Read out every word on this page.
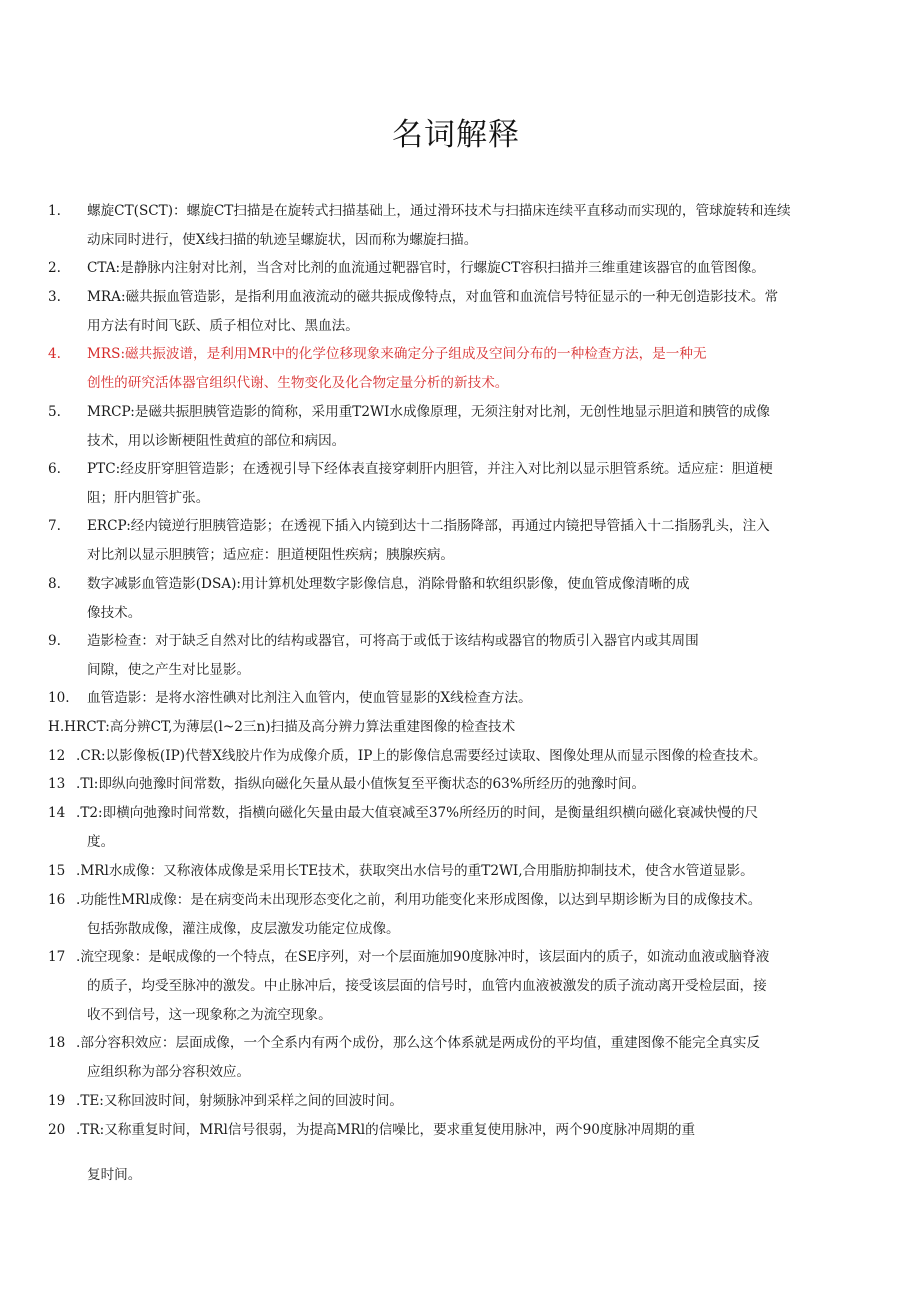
名词解释
1. 螺旋CT(SCT)：螺旋CT扫描是在旋转式扫描基础上，通过滑环技术与扫描床连续平直移动而实现的，管球旋转和连续
动床同时进行，使X线扫描的轨迹呈螺旋状，因而称为螺旋扫描。
2. CTA:是静脉内注射对比剂，当含对比剂的血流通过靶器官时，行螺旋CT容积扫描并三维重建该器官的血管图像。
3. MRA:磁共振血管造影，是指利用血液流动的磁共振成像特点，对血管和血流信号特征显示的一种无创造影技术。常
用方法有时间飞跃、质子相位对比、黑血法。
4. MRS:磁共振波谱，是利用MR中的化学位移现象来确定分子组成及空间分布的一种检查方法，是一种无
创性的研究活体器官组织代谢、生物变化及化合物定量分析的新技术。
5. MRCP:是磁共振胆胰管造影的简称，采用重T2WI水成像原理，无须注射对比剂，无创性地显示胆道和胰管的成像
技术，用以诊断梗阻性黄疸的部位和病因。
6. PTC:经皮肝穿胆管造影；在透视引导下经体表直接穿刺肝内胆管，并注入对比剂以显示胆管系统。适应症：胆道梗
阻；肝内胆管扩张。
7. ERCP:经内镜逆行胆胰管造影；在透视下插入内镜到达十二指肠降部，再通过内镜把导管插入十二指肠乳头，注入
对比剂以显示胆胰管；适应症：胆道梗阻性疾病；胰腺疾病。
8. 数字减影血管造影(DSA):用计算机处理数字影像信息，消除骨骼和软组织影像，使血管成像清晰的成
像技术。
9. 造影检查：对于缺乏自然对比的结构或器官，可将高于或低于该结构或器官的物质引入器官内或其周围
间隙，使之产生对比显影。
10. 血管造影：是将水溶性碘对比剂注入血管内，使血管显影的X线检查方法。
H.HRCT:高分辨CT,为薄层(l~2三n)扫描及高分辨力算法重建图像的检查技术
12 .CR:以影像板(IP)代替X线胶片作为成像介质，IP上的影像信息需要经过读取、图像处理从而显示图像的检查技术。
13 .Tl:即纵向弛豫时间常数，指纵向磁化矢量从最小值恢复至平衡状态的63%所经历的弛豫时间。
14 .T2:即横向弛豫时间常数，指横向磁化矢量由最大值衰减至37%所经历的时间，是衡量组织横向磁化衰减快慢的尺
度。
15 .MRl水成像：又称液体成像是采用长TE技术，获取突出水信号的重T2WI,合用脂肪抑制技术，使含水管道显影。
16 .功能性MRl成像：是在病变尚未出现形态变化之前，利用功能变化来形成图像，以达到早期诊断为目的成像技术。
包括弥散成像，灌注成像，皮层激发功能定位成像。
17 .流空现象：是岷成像的一个特点，在SE序列，对一个层面施加90度脉冲时，该层面内的质子，如流动血液或脑脊液
的质子，均受至脉冲的激发。中止脉冲后，接受该层面的信号时，血管内血液被激发的质子流动离开受检层面，接
收不到信号，这一现象称之为流空现象。
18 .部分容积效应：层面成像，一个全系内有两个成份，那么这个体系就是两成份的平均值，重建图像不能完全真实反
应组织称为部分容积效应。
19 .TE:又称回波时间，射频脉冲到采样之间的回波时间。
20 .TR:又称重复时间，MRl信号很弱，为提高MRl的信噪比，要求重复使用脉冲，两个90度脉冲周期的重
复时间。
